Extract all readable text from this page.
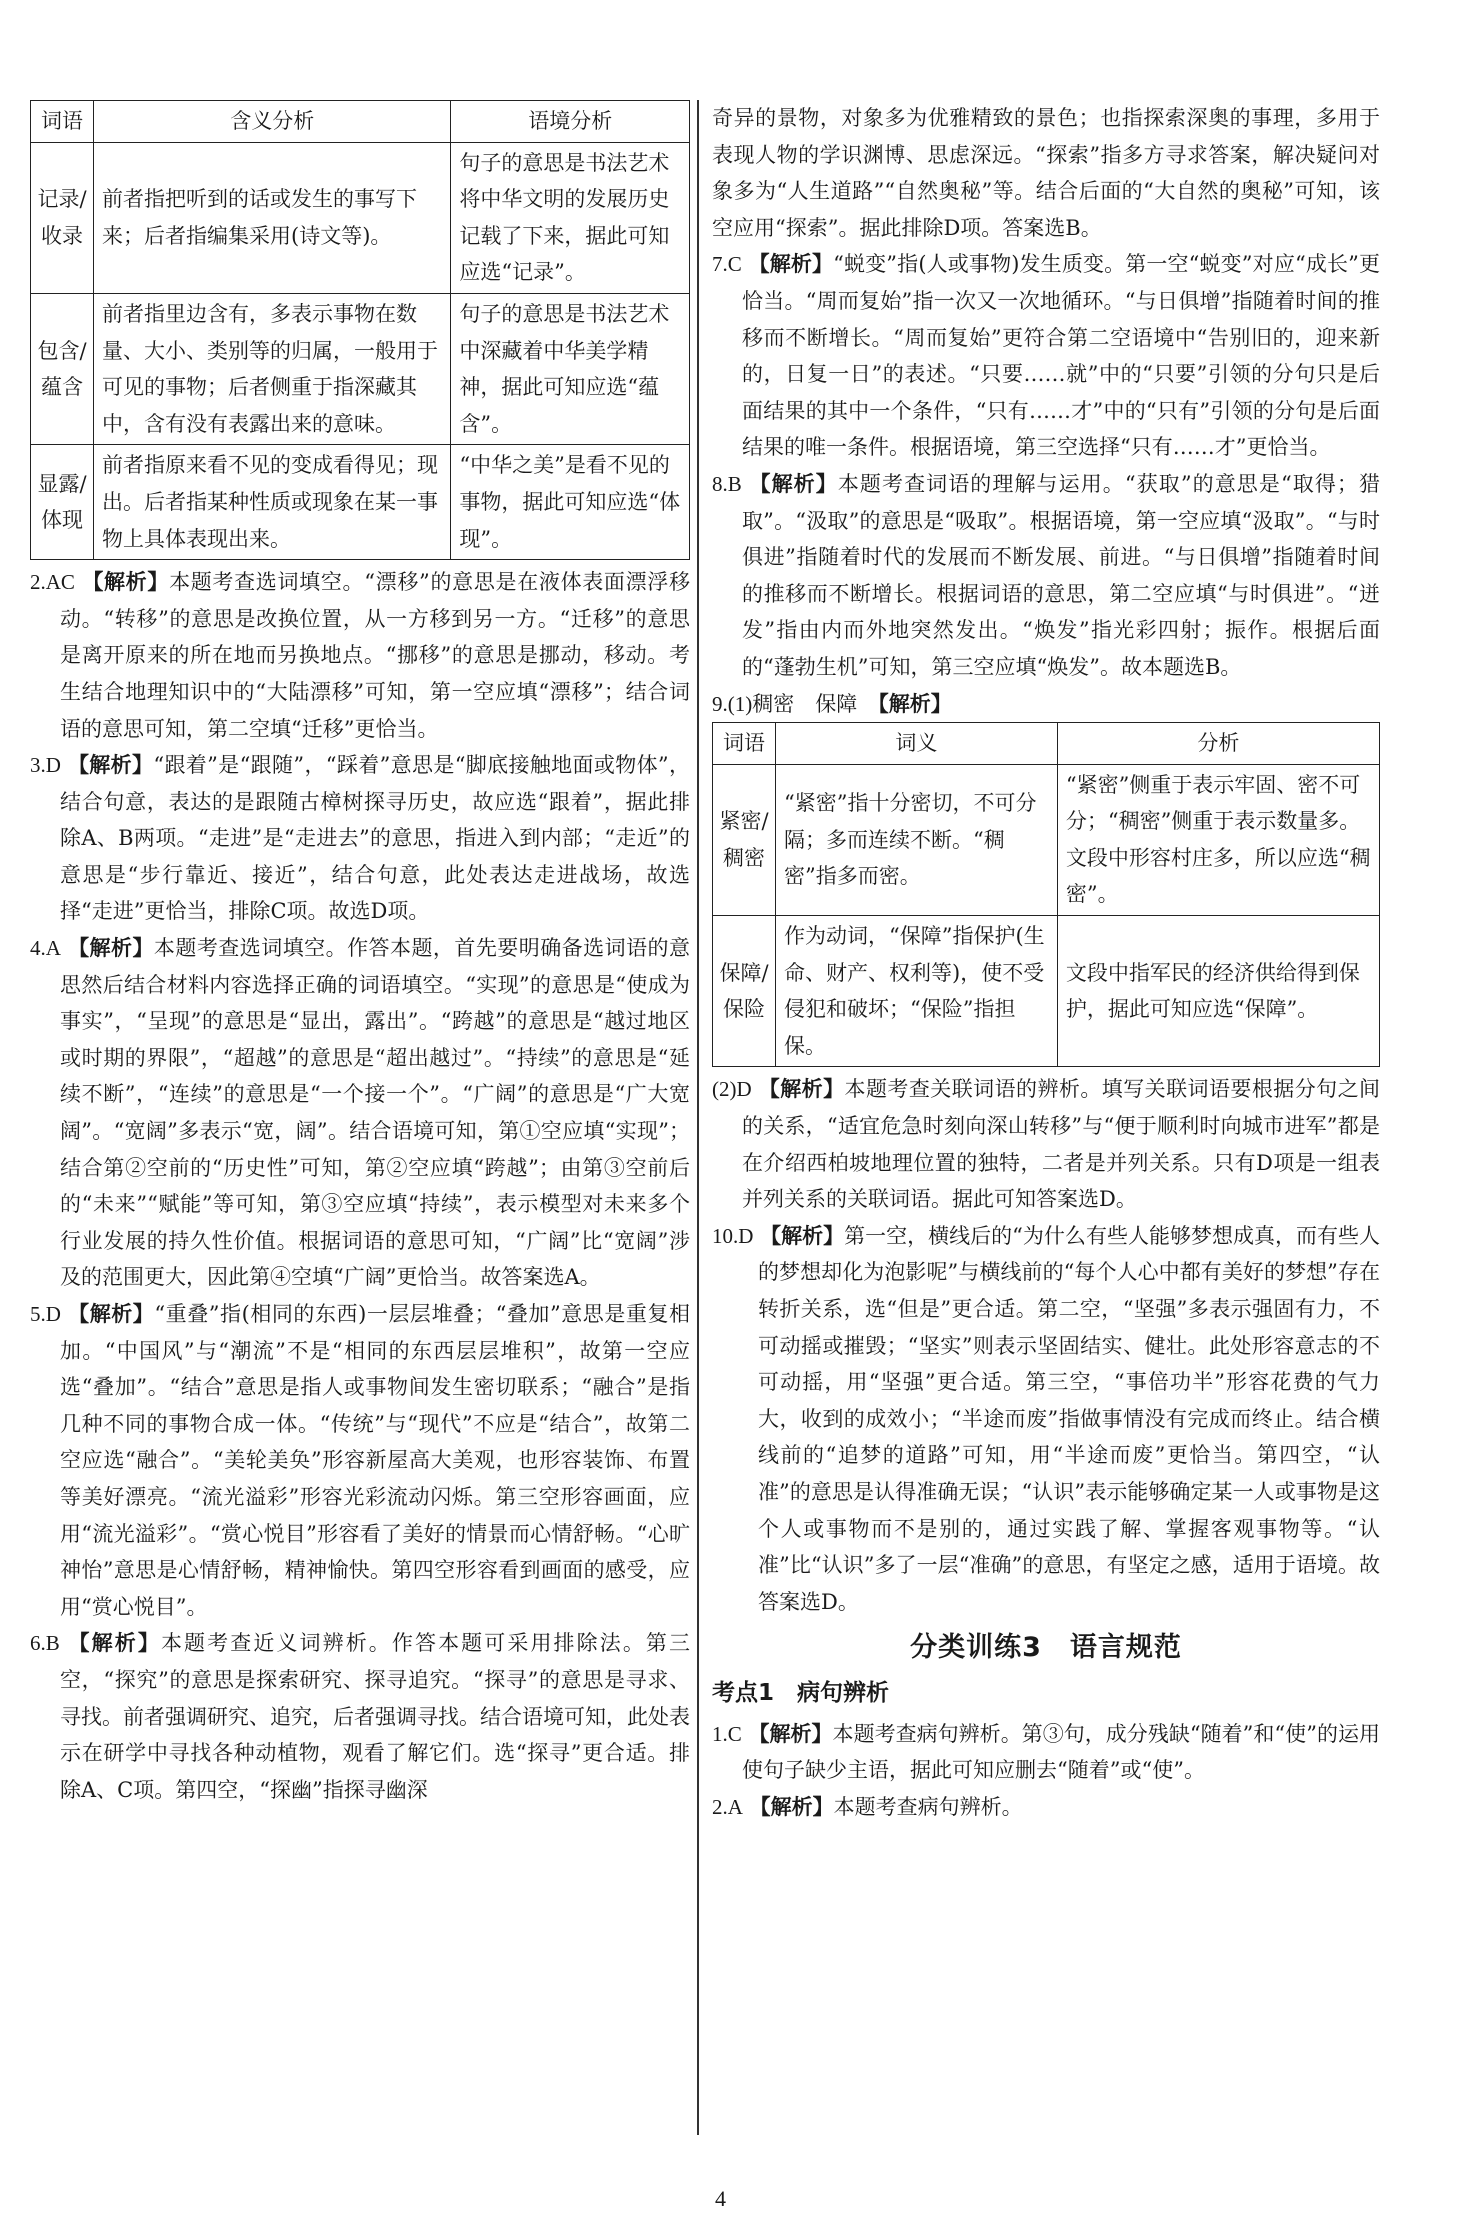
词语	含义分析	语境分析
记录/收录	前者指把听到的话或发生的事写下来；后者指编集采用(诗文等)。	句子的意思是书法艺术将中华文明的发展历史记载了下来，据此可知应选“记录”。
包含/蕴含	前者指里边含有，多表示事物在数量、大小、类别等的归属，一般用于可见的事物；后者侧重于指深藏其中，含有没有表露出来的意味。	句子的意思是书法艺术中深藏着中华美学精神，据此可知应选“蕴含”。
显露/体现	前者指原来看不见的变成看得见；现出。后者指某种性质或现象在某一事物上具体表现出来。	“中华之美”是看不见的事物，据此可知应选“体现”。

2.AC 【解析】本题考查选词填空。“漂移”的意思是在液体表面漂浮移动。“转移”的意思是改换位置，从一方移到另一方。“迁移”的意思是离开原来的所在地而另换地点。“挪移”的意思是挪动，移动。考生结合地理知识中的“大陆漂移”可知，第一空应填“漂移”；结合词语的意思可知，第二空填“迁移”更恰当。

3.D 【解析】“跟着”是“跟随”，“踩着”意思是“脚底接触地面或物体”，结合句意，表达的是跟随古樟树探寻历史，故应选“跟着”，据此排除A、B两项。“走进”是“走进去”的意思，指进入到内部；“走近”的意思是“步行靠近、接近”，结合句意，此处表达走进战场，故选择“走进”更恰当，排除C项。故选D项。

4.A 【解析】本题考查选词填空。作答本题，首先要明确备选词语的意思然后结合材料内容选择正确的词语填空。“实现”的意思是“使成为事实”，“呈现”的意思是“显出，露出”。“跨越”的意思是“越过地区或时期的界限”，“超越”的意思是“超出越过”。“持续”的意思是“延续不断”，“连续”的意思是“一个接一个”。“广阔”的意思是“广大宽阔”。“宽阔”多表示“宽，阔”。结合语境可知，第①空应填“实现”；结合第②空前的“历史性”可知，第②空应填“跨越”；由第③空前后的“未来”“赋能”等可知，第③空应填“持续”，表示模型对未来多个行业发展的持久性价值。根据词语的意思可知，“广阔”比“宽阔”涉及的范围更大，因此第④空填“广阔”更恰当。故答案选A。

5.D 【解析】“重叠”指(相同的东西)一层层堆叠；“叠加”意思是重复相加。“中国风”与“潮流”不是“相同的东西层层堆积”，故第一空应选“叠加”。“结合”意思是指人或事物间发生密切联系；“融合”是指几种不同的事物合成一体。“传统”与“现代”不应是“结合”，故第二空应选“融合”。“美轮美奂”形容新屋高大美观，也形容装饰、布置等美好漂亮。“流光溢彩”形容光彩流动闪烁。第三空形容画面，应用“流光溢彩”。“赏心悦目”形容看了美好的情景而心情舒畅。“心旷神怡”意思是心情舒畅，精神愉快。第四空形容看到画面的感受，应用“赏心悦目”。

6.B 【解析】本题考查近义词辨析。作答本题可采用排除法。第三空，“探究”的意思是探索研究、探寻追究。“探寻”的意思是寻求、寻找。前者强调研究、追究，后者强调寻找。结合语境可知，此处表示在研学中寻找各种动植物，观看了解它们。选“探寻”更合适。排除A、C项。第四空，“探幽”指探寻幽深

奇异的景物，对象多为优雅精致的景色；也指探索深奥的事理，多用于表现人物的学识渊博、思虑深远。“探索”指多方寻求答案，解决疑问对象多为“人生道路”“自然奥秘”等。结合后面的“大自然的奥秘”可知，该空应用“探索”。据此排除D项。答案选B。

7.C 【解析】“蜕变”指(人或事物)发生质变。第一空“蜕变”对应“成长”更恰当。“周而复始”指一次又一次地循环。“与日俱增”指随着时间的推移而不断增长。“周而复始”更符合第二空语境中“告别旧的，迎来新的，日复一日”的表述。“只要……就”中的“只要”引领的分句只是后面结果的其中一个条件，“只有……才”中的“只有”引领的分句是后面结果的唯一条件。根据语境，第三空选择“只有……才”更恰当。

8.B 【解析】本题考查词语的理解与运用。“获取”的意思是“取得；猎取”。“汲取”的意思是“吸取”。根据语境，第一空应填“汲取”。“与时俱进”指随着时代的发展而不断发展、前进。“与日俱增”指随着时间的推移而不断增长。根据词语的意思，第二空应填“与时俱进”。“迸发”指由内而外地突然发出。“焕发”指光彩四射；振作。根据后面的“蓬勃生机”可知，第三空应填“焕发”。故本题选B。

9.(1)稠密　保障　 【解析】

词语	词义	分析
紧密/稠密	“紧密”指十分密切，不可分隔；多而连续不断。“稠密”指多而密。	“紧密”侧重于表示牢固、密不可分；“稠密”侧重于表示数量多。文段中形容村庄多，所以应选“稠密”。
保障/保险	作为动词，“保障”指保护(生命、财产、权利等)，使不受侵犯和破坏；“保险”指担保。	文段中指军民的经济供给得到保护，据此可知应选“保障”。

(2)D 【解析】本题考查关联词语的辨析。填写关联词语要根据分句之间的关系，“适宜危急时刻向深山转移”与“便于顺利时向城市进军”都是在介绍西柏坡地理位置的独特，二者是并列关系。只有D项是一组表并列关系的关联词语。据此可知答案选D。

10.D 【解析】第一空，横线后的“为什么有些人能够梦想成真，而有些人的梦想却化为泡影呢”与横线前的“每个人心中都有美好的梦想”存在转折关系，选“但是”更合适。第二空，“坚强”多表示强固有力，不可动摇或摧毁；“坚实”则表示坚固结实、健壮。此处形容意志的不可动摇，用“坚强”更合适。第三空，“事倍功半”形容花费的气力大，收到的成效小；“半途而废”指做事情没有完成而终止。结合横线前的“追梦的道路”可知，用“半途而废”更恰当。第四空，“认准”的意思是认得准确无误；“认识”表示能够确定某一人或事物是这个人或事物而不是别的，通过实践了解、掌握客观事物等。“认准”比“认识”多了一层“准确”的意思，有坚定之感，适用于语境。故答案选D。

分类训练3　语言规范
考点1　病句辨析

1.C 【解析】本题考查病句辨析。第③句，成分残缺“随着”和“使”的运用使句子缺少主语，据此可知应删去“随着”或“使”。

2.A 【解析】本题考查病句辨析。

4
